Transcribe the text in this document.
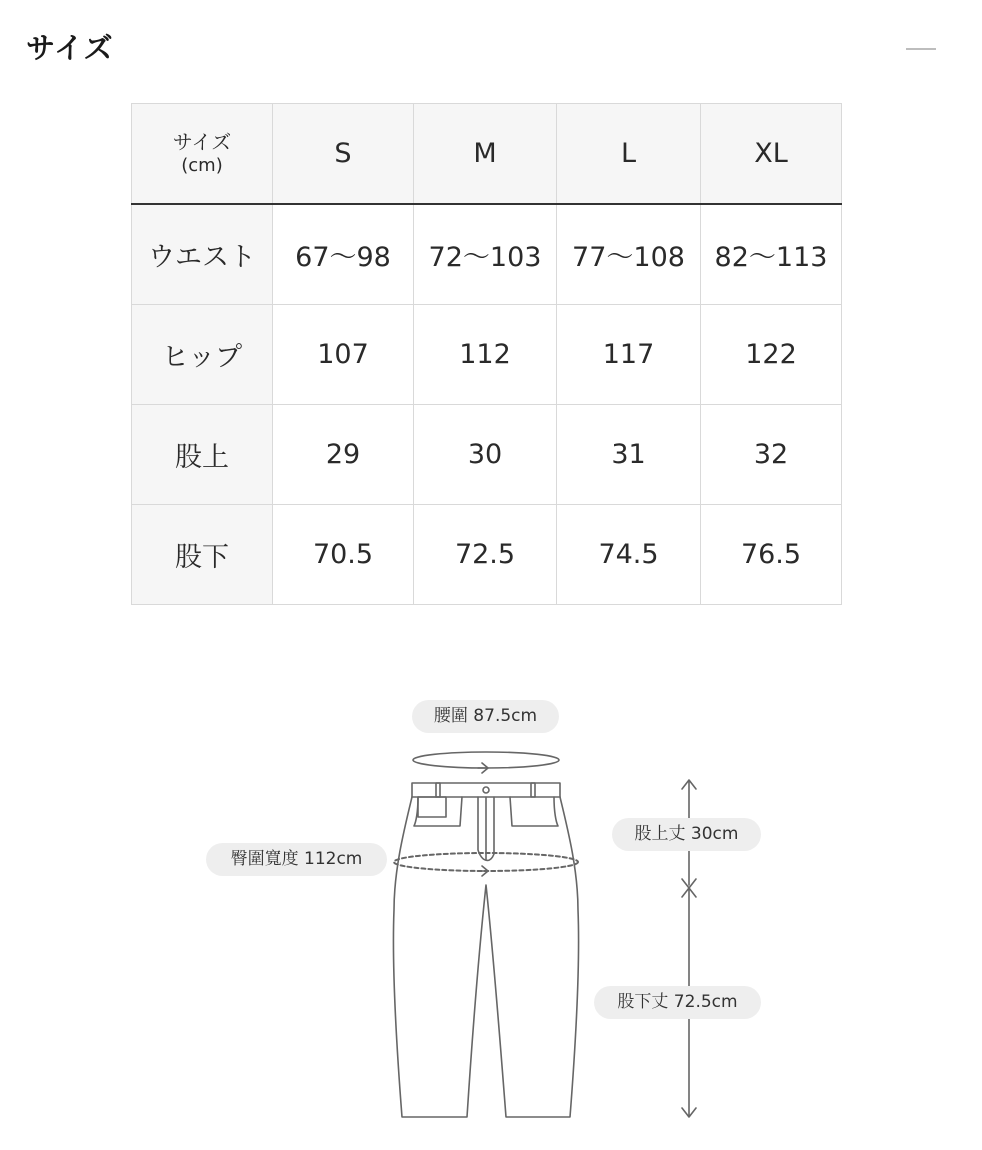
サイズ
サイズ
(cm)	S	M	L	XL
ウエスト	67〜98	72〜103	77〜108	82〜113
ヒップ	107	112	117	122
股上	29	30	31	32
股下	70.5	72.5	74.5	76.5
腰圍 87.5cm
臀圍寬度 112cm
股上丈 30cm
股下丈 72.5cm
